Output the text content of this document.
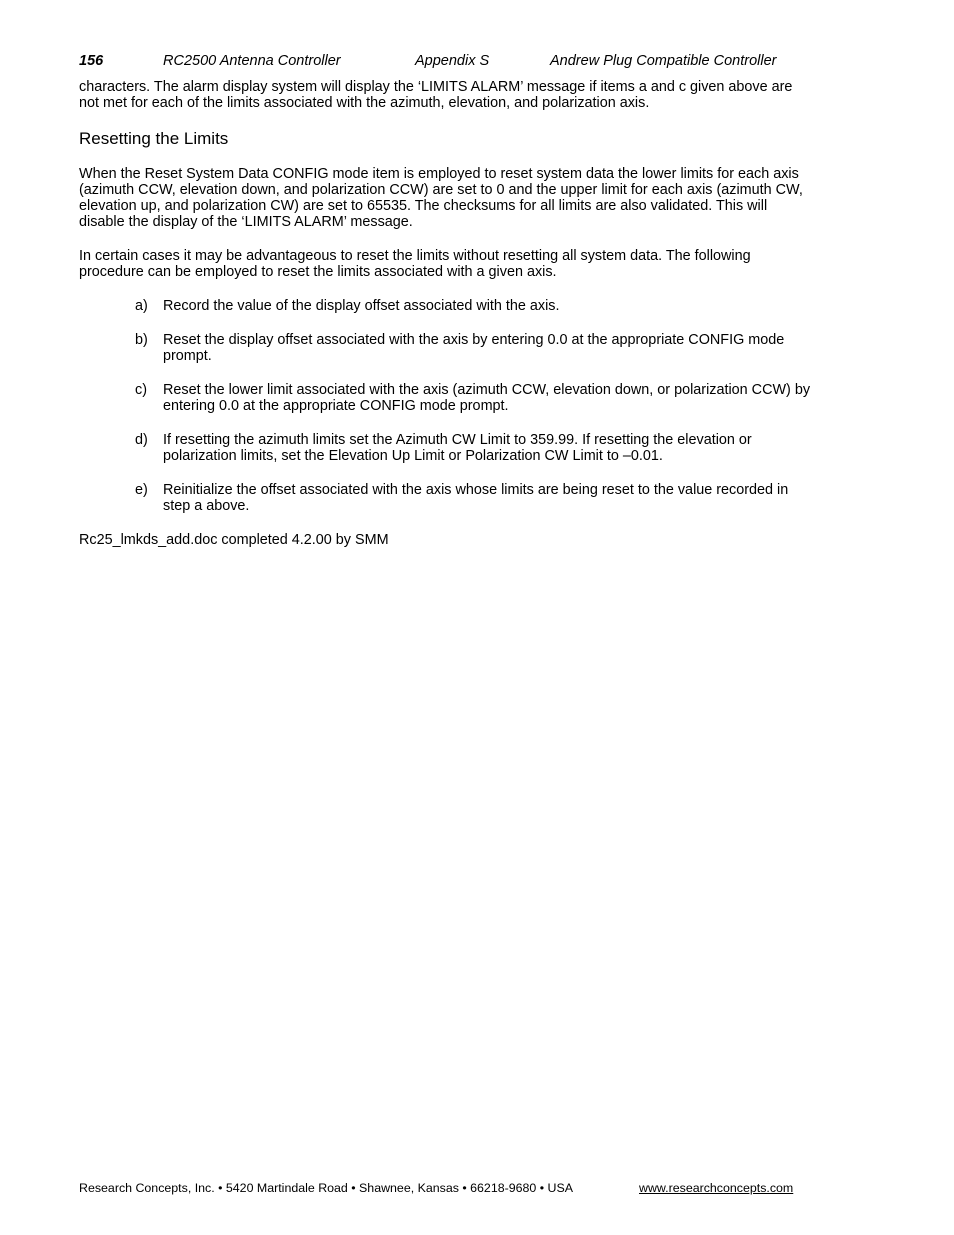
156	RC2500 Antenna Controller	Appendix S	Andrew Plug Compatible Controller

characters. The alarm display system will display the ‘LIMITS ALARM’ message if items a and c given above are not met for each of the limits associated with the azimuth, elevation, and polarization axis.

Resetting the Limits

When the Reset System Data CONFIG mode item is employed to reset system data the lower limits for each axis (azimuth CCW, elevation down, and polarization CCW) are set to 0 and the upper limit for each axis (azimuth CW, elevation up, and polarization CW) are set to 65535. The checksums for all limits are also validated. This will disable the display of the ‘LIMITS ALARM’ message.

In certain cases it may be advantageous to reset the limits without resetting all system data. The following procedure can be employed to reset the limits associated with a given axis.

a) Record the value of the display offset associated with the axis.
b) Reset the display offset associated with the axis by entering 0.0 at the appropriate CONFIG mode prompt.
c) Reset the lower limit associated with the axis (azimuth CCW, elevation down, or polarization CCW) by entering 0.0 at the appropriate CONFIG mode prompt.
d) If resetting the azimuth limits set the Azimuth CW Limit to 359.99. If resetting the elevation or polarization limits, set the Elevation Up Limit or Polarization CW Limit to –0.01.
e) Reinitialize the offset associated with the axis whose limits are being reset to the value recorded in step a above.

Rc25_lmkds_add.doc completed 4.2.00 by SMM

Research Concepts, Inc. • 5420 Martindale Road • Shawnee, Kansas • 66218-9680 • USA	www.researchconcepts.com
